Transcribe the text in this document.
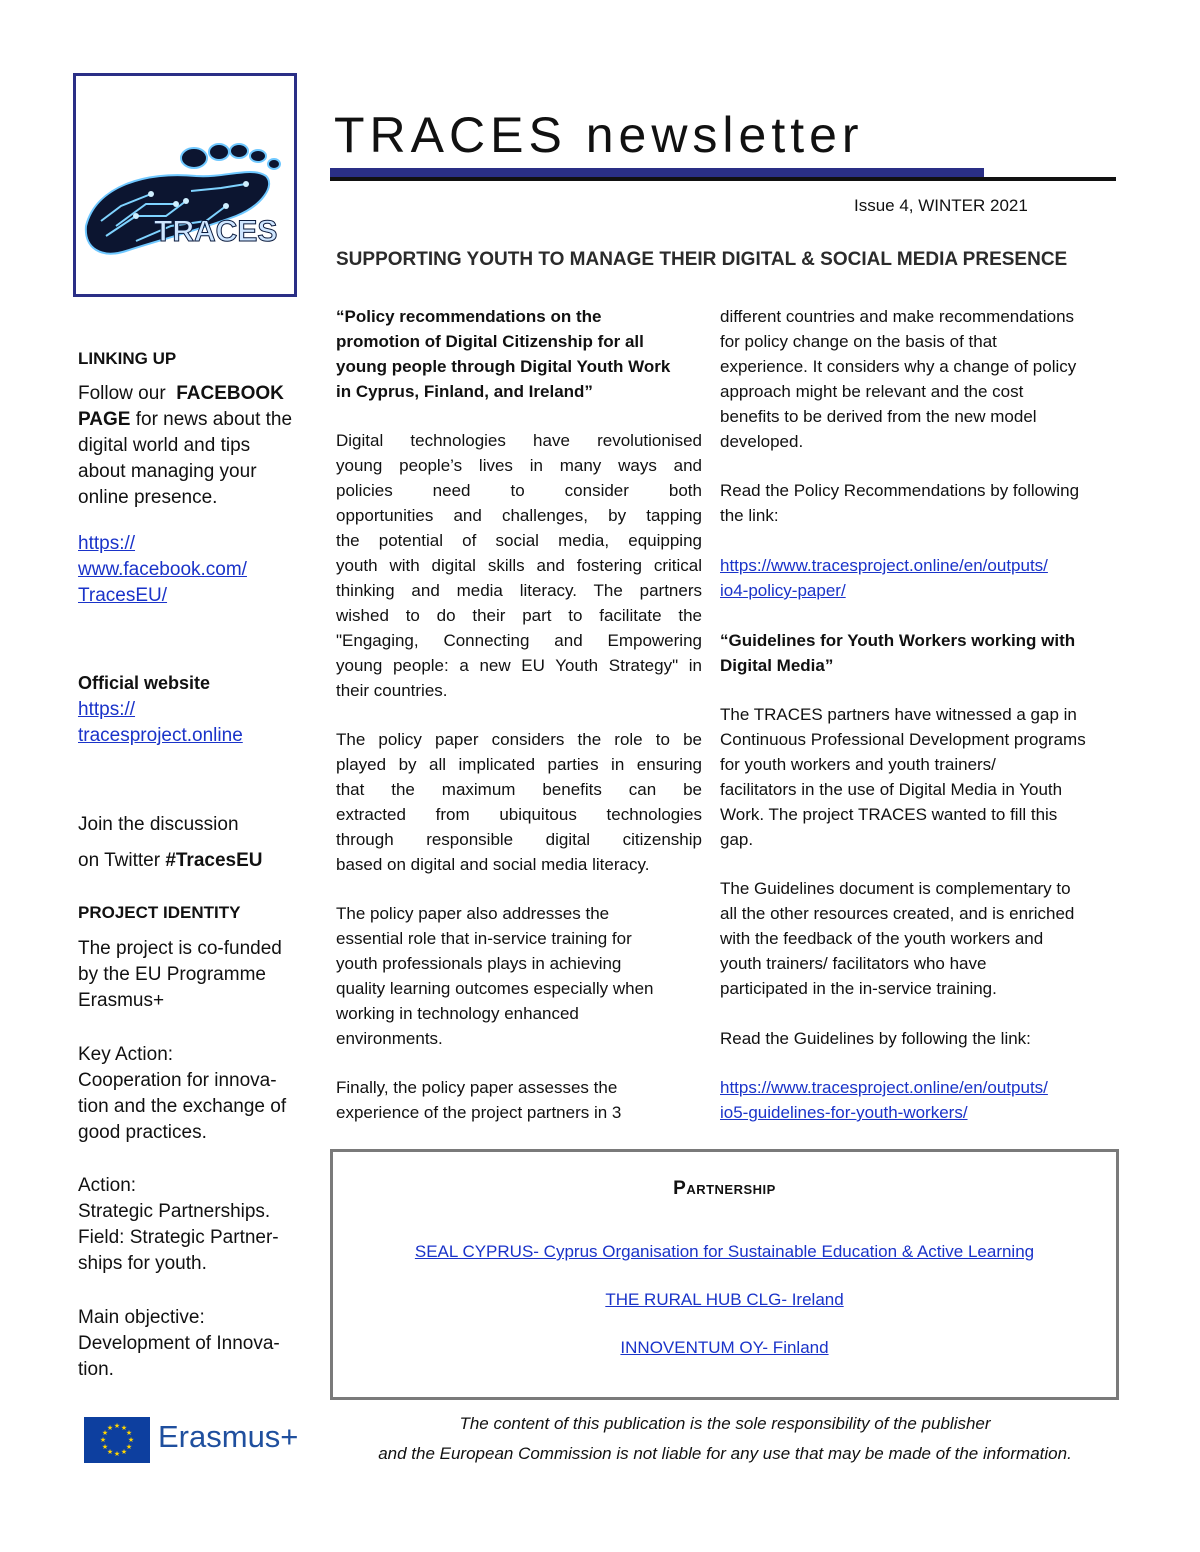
TRACES
TRACES newsletter
Issue 4, WINTER 2021
SUPPORTING YOUTH TO MANAGE THEIR DIGITAL & SOCIAL MEDIA PRESENCE
LINKING UP
Follow our FACEBOOK
PAGE for news about the
digital world and tips
about managing your
online presence.
https://
www.facebook.com/
TracesEU/
Official website
https://
tracesproject.online
Join the discussion
on Twitter #TracesEU
PROJECT IDENTITY
The project is co-funded
by the EU Programme
Erasmus+
Key Action:
Cooperation for innova-
tion and the exchange of
good practices.
Action:
Strategic Partnerships.
Field: Strategic Partner-
ships for youth.
Main objective:
Development of Innova-
tion.
“Policy recommendations on the
promotion of Digital Citizenship for all
young people through Digital Youth Work
in Cyprus, Finland, and Ireland”
Digital technologies have revolutionised
young people’s lives in many ways and
policies need to consider both
opportunities and challenges, by tapping
the potential of social media, equipping
youth with digital skills and fostering critical
thinking and media literacy. The partners
wished to do their part to facilitate the
"Engaging, Connecting and Empowering
young people: a new EU Youth Strategy" in
their countries.
The policy paper considers the role to be
played by all implicated parties in ensuring
that the maximum benefits can be
extracted from ubiquitous technologies
through responsible digital citizenship
based on digital and social media literacy.
The policy paper also addresses the
essential role that in-service training for
youth professionals plays in achieving
quality learning outcomes especially when
working in technology enhanced
environments.
Finally, the policy paper assesses the
experience of the project partners in 3
different countries and make recommendations
for policy change on the basis of that
experience. It considers why a change of policy
approach might be relevant and the cost
benefits to be derived from the new model
developed.
Read the Policy Recommendations by following
the link:
https://www.tracesproject.online/en/outputs/
io4-policy-paper/
“Guidelines for Youth Workers working with
Digital Media”
The TRACES partners have witnessed a gap in
Continuous Professional Development programs
for youth workers and youth trainers/
facilitators in the use of Digital Media in Youth
Work. The project TRACES wanted to fill this
gap.
The Guidelines document is complementary to
all the other resources created, and is enriched
with the feedback of the youth workers and
youth trainers/ facilitators who have
participated in the in-service training.
Read the Guidelines by following the link:
https://www.tracesproject.online/en/outputs/
io5-guidelines-for-youth-workers/
Partnership
SEAL CYPRUS- Cyprus Organisation for Sustainable Education & Active Learning
THE RURAL HUB CLG- Ireland
INNOVENTUM OY- Finland
The content of this publication is the sole responsibility of the publisher
and the European Commission is not liable for any use that may be made of the information.
★ ★
★
★
★
★
★
★
★
★
★
★ Erasmus+
